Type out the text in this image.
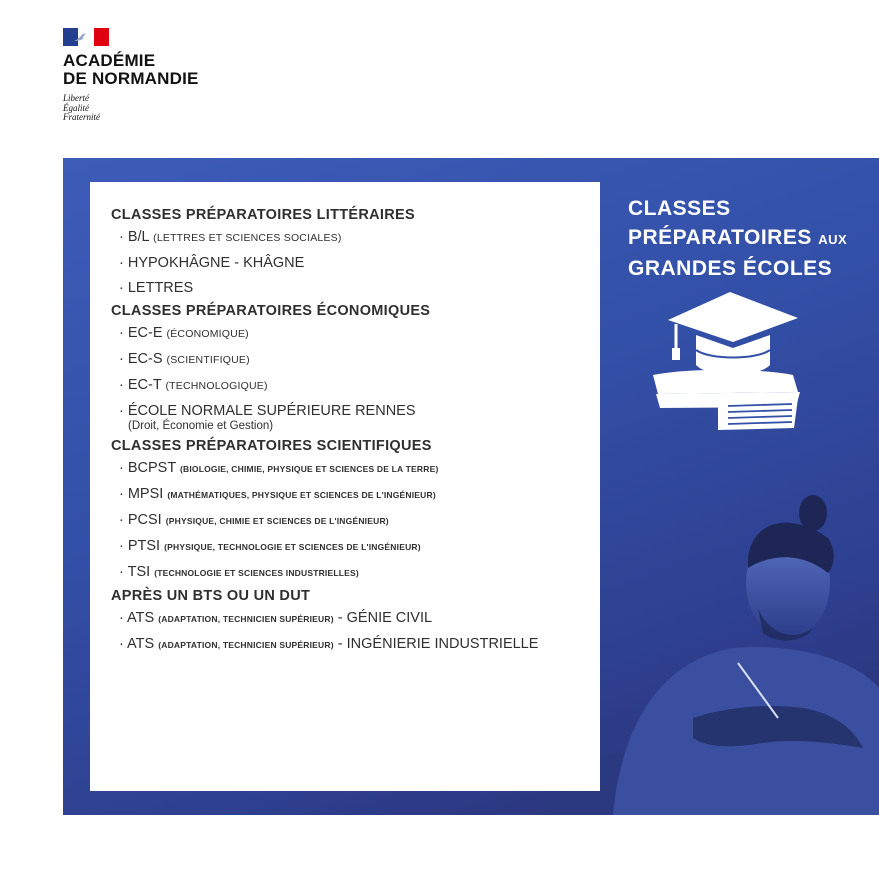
ACADÉMIE
DE NORMANDIE
Liberté
Égalité
Fraternité
CLASSES
PRÉPARATOIRES AUX
GRANDES ÉCOLES
CLASSES PRÉPARATOIRES LITTÉRAIRES
· B/L (LETTRES ET SCIENCES SOCIALES)
· HYPOKHÂGNE - KHÂGNE
· LETTRES
CLASSES PRÉPARATOIRES ÉCONOMIQUES
· EC-E (ÉCONOMIQUE)
· EC-S (SCIENTIFIQUE)
· EC-T (TECHNOLOGIQUE)
· ÉCOLE NORMALE SUPÉRIEURE RENNES
(Droit, Économie et Gestion)
CLASSES PRÉPARATOIRES SCIENTIFIQUES
· BCPST (BIOLOGIE, CHIMIE, PHYSIQUE ET SCIENCES DE LA TERRE)
· MPSI (MATHÉMATIQUES, PHYSIQUE ET SCIENCES DE L'INGÉNIEUR)
· PCSI (PHYSIQUE, CHIMIE ET SCIENCES DE L'INGÉNIEUR)
· PTSI (PHYSIQUE, TECHNOLOGIE ET SCIENCES DE L'INGÉNIEUR)
· TSI (TECHNOLOGIE ET SCIENCES INDUSTRIELLES)
APRÈS UN BTS OU UN DUT
· ATS (ADAPTATION, TECHNICIEN SUPÉRIEUR) - GÉNIE CIVIL
· ATS (ADAPTATION, TECHNICIEN SUPÉRIEUR) - INGÉNIERIE INDUSTRIELLE
